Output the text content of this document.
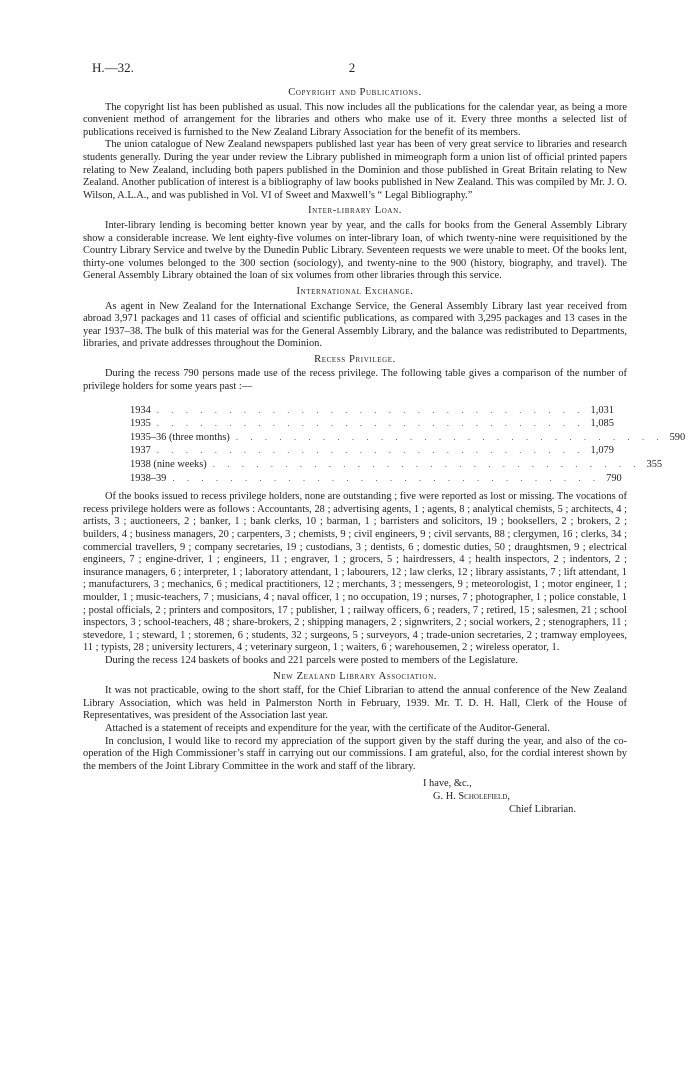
H.—32.	2
Copyright and Publications.

The copyright list has been published as usual. This now includes all the publications for the calendar year, as being a more convenient method of arrangement for the libraries and others who make use of it. Every three months a selected list of publications received is furnished to the New Zealand Library Association for the benefit of its members.

The union catalogue of New Zealand newspapers published last year has been of very great service to libraries and research students generally. During the year under review the Library published in mimeograph form a union list of official printed papers relating to New Zealand, including both papers published in the Dominion and those published in Great Britain relating to New Zealand. Another publication of interest is a bibliography of law books published in New Zealand. This was compiled by Mr. J. O. Wilson, A.L.A., and was published in Vol. VI of Sweet and Maxwell’s “ Legal Bibliography.”

Inter-library Loan.

Inter-library lending is becoming better known year by year, and the calls for books from the General Assembly Library show a considerable increase. We lent eighty-five volumes on inter-library loan, of which twenty-nine were requisitioned by the Country Library Service and twelve by the Dunedin Public Library. Seventeen requests we were unable to meet. Of the books lent, thirty-one volumes belonged to the 300 section (sociology), and twenty-nine to the 900 (history, biography, and travel). The General Assembly Library obtained the loan of six volumes from other libraries through this service.

International Exchange.

As agent in New Zealand for the International Exchange Service, the General Assembly Library last year received from abroad 3,971 packages and 11 cases of official and scientific publications, as compared with 3,295 packages and 13 cases in the year 1937–38. The bulk of this material was for the General Assembly Library, and the balance was redistributed to Departments, libraries, and private addresses throughout the Dominion.

Recess Privilege.

During the recess 790 persons made use of the recess privilege. The following table gives a comparison of the number of privilege holders for some years past :—

1934 . . . . . . . . . . . . . . . . . . . . . . . . . . . . . . 1,031
1935 . . . . . . . . . . . . . . . . . . . . . . . . . . . . . . 1,085
1935–36 (three months) . . . . . . . . . . . . . . . . . . . . . . . . . . . . . . 590
1937 . . . . . . . . . . . . . . . . . . . . . . . . . . . . . . 1,079
1938 (nine weeks) . . . . . . . . . . . . . . . . . . . . . . . . . . . . . . 355
1938–39 . . . . . . . . . . . . . . . . . . . . . . . . . . . . . . 790

Of the books issued to recess privilege holders, none are outstanding ; five were reported as lost or missing. The vocations of recess privilege holders were as follows : Accountants, 28 ; advertising agents, 1 ; agents, 8 ; analytical chemists, 5 ; architects, 4 ; artists, 3 ; auctioneers, 2 ; banker, 1 ; bank clerks, 10 ; barman, 1 ; barristers and solicitors, 19 ; booksellers, 2 ; brokers, 2 ; builders, 4 ; business managers, 20 ; carpenters, 3 ; chemists, 9 ; civil engineers, 9 ; civil servants, 88 ; clergymen, 16 ; clerks, 34 ; commercial travellers, 9 ; company secretaries, 19 ; custodians, 3 ; dentists, 6 ; domestic duties, 50 ; draughtsmen, 9 ; electrical engineers, 7 ; engine-driver, 1 ; engineers, 11 ; engraver, 1 ; grocers, 5 ; hairdressers, 4 ; health inspectors, 2 ; indentors, 2 ; insurance managers, 6 ; interpreter, 1 ; laboratory attendant, 1 ; labourers, 12 ; law clerks, 12 ; library assistants, 7 ; lift attendant, 1 ; manufacturers, 3 ; mechanics, 6 ; medical practitioners, 12 ; merchants, 3 ; messengers, 9 ; meteorologist, 1 ; motor engineer, 1 ; moulder, 1 ; music-teachers, 7 ; musicians, 4 ; naval officer, 1 ; no occupation, 19 ; nurses, 7 ; photographer, 1 ; police constable, 1 ; postal officials, 2 ; printers and compositors, 17 ; publisher, 1 ; railway officers, 6 ; readers, 7 ; retired, 15 ; salesmen, 21 ; school inspectors, 3 ; school-teachers, 48 ; share-brokers, 2 ; shipping managers, 2 ; signwriters, 2 ; social workers, 2 ; stenographers, 11 ; stevedore, 1 ; steward, 1 ; storemen, 6 ; students, 32 ; surgeons, 5 ; surveyors, 4 ; trade-union secretaries, 2 ; tramway employees, 11 ; typists, 28 ; university lecturers, 4 ; veterinary surgeon, 1 ; waiters, 6 ; warehousemen, 2 ; wireless operator, 1.

During the recess 124 baskets of books and 221 parcels were posted to members of the Legislature.

New Zealand Library Association.

It was not practicable, owing to the short staff, for the Chief Librarian to attend the annual conference of the New Zealand Library Association, which was held in Palmerston North in February, 1939. Mr. T. D. H. Hall, Clerk of the House of Representatives, was president of the Association last year.

Attached is a statement of receipts and expenditure for the year, with the certificate of the Auditor-General.

In conclusion, I would like to record my appreciation of the support given by the staff during the year, and also of the co-operation of the High Commissioner’s staff in carrying out our commissions. I am grateful, also, for the cordial interest shown by the members of the Joint Library Committee in the work and staff of the library.

I have, &c.,
G. H. Scholefield,
Chief Librarian.
